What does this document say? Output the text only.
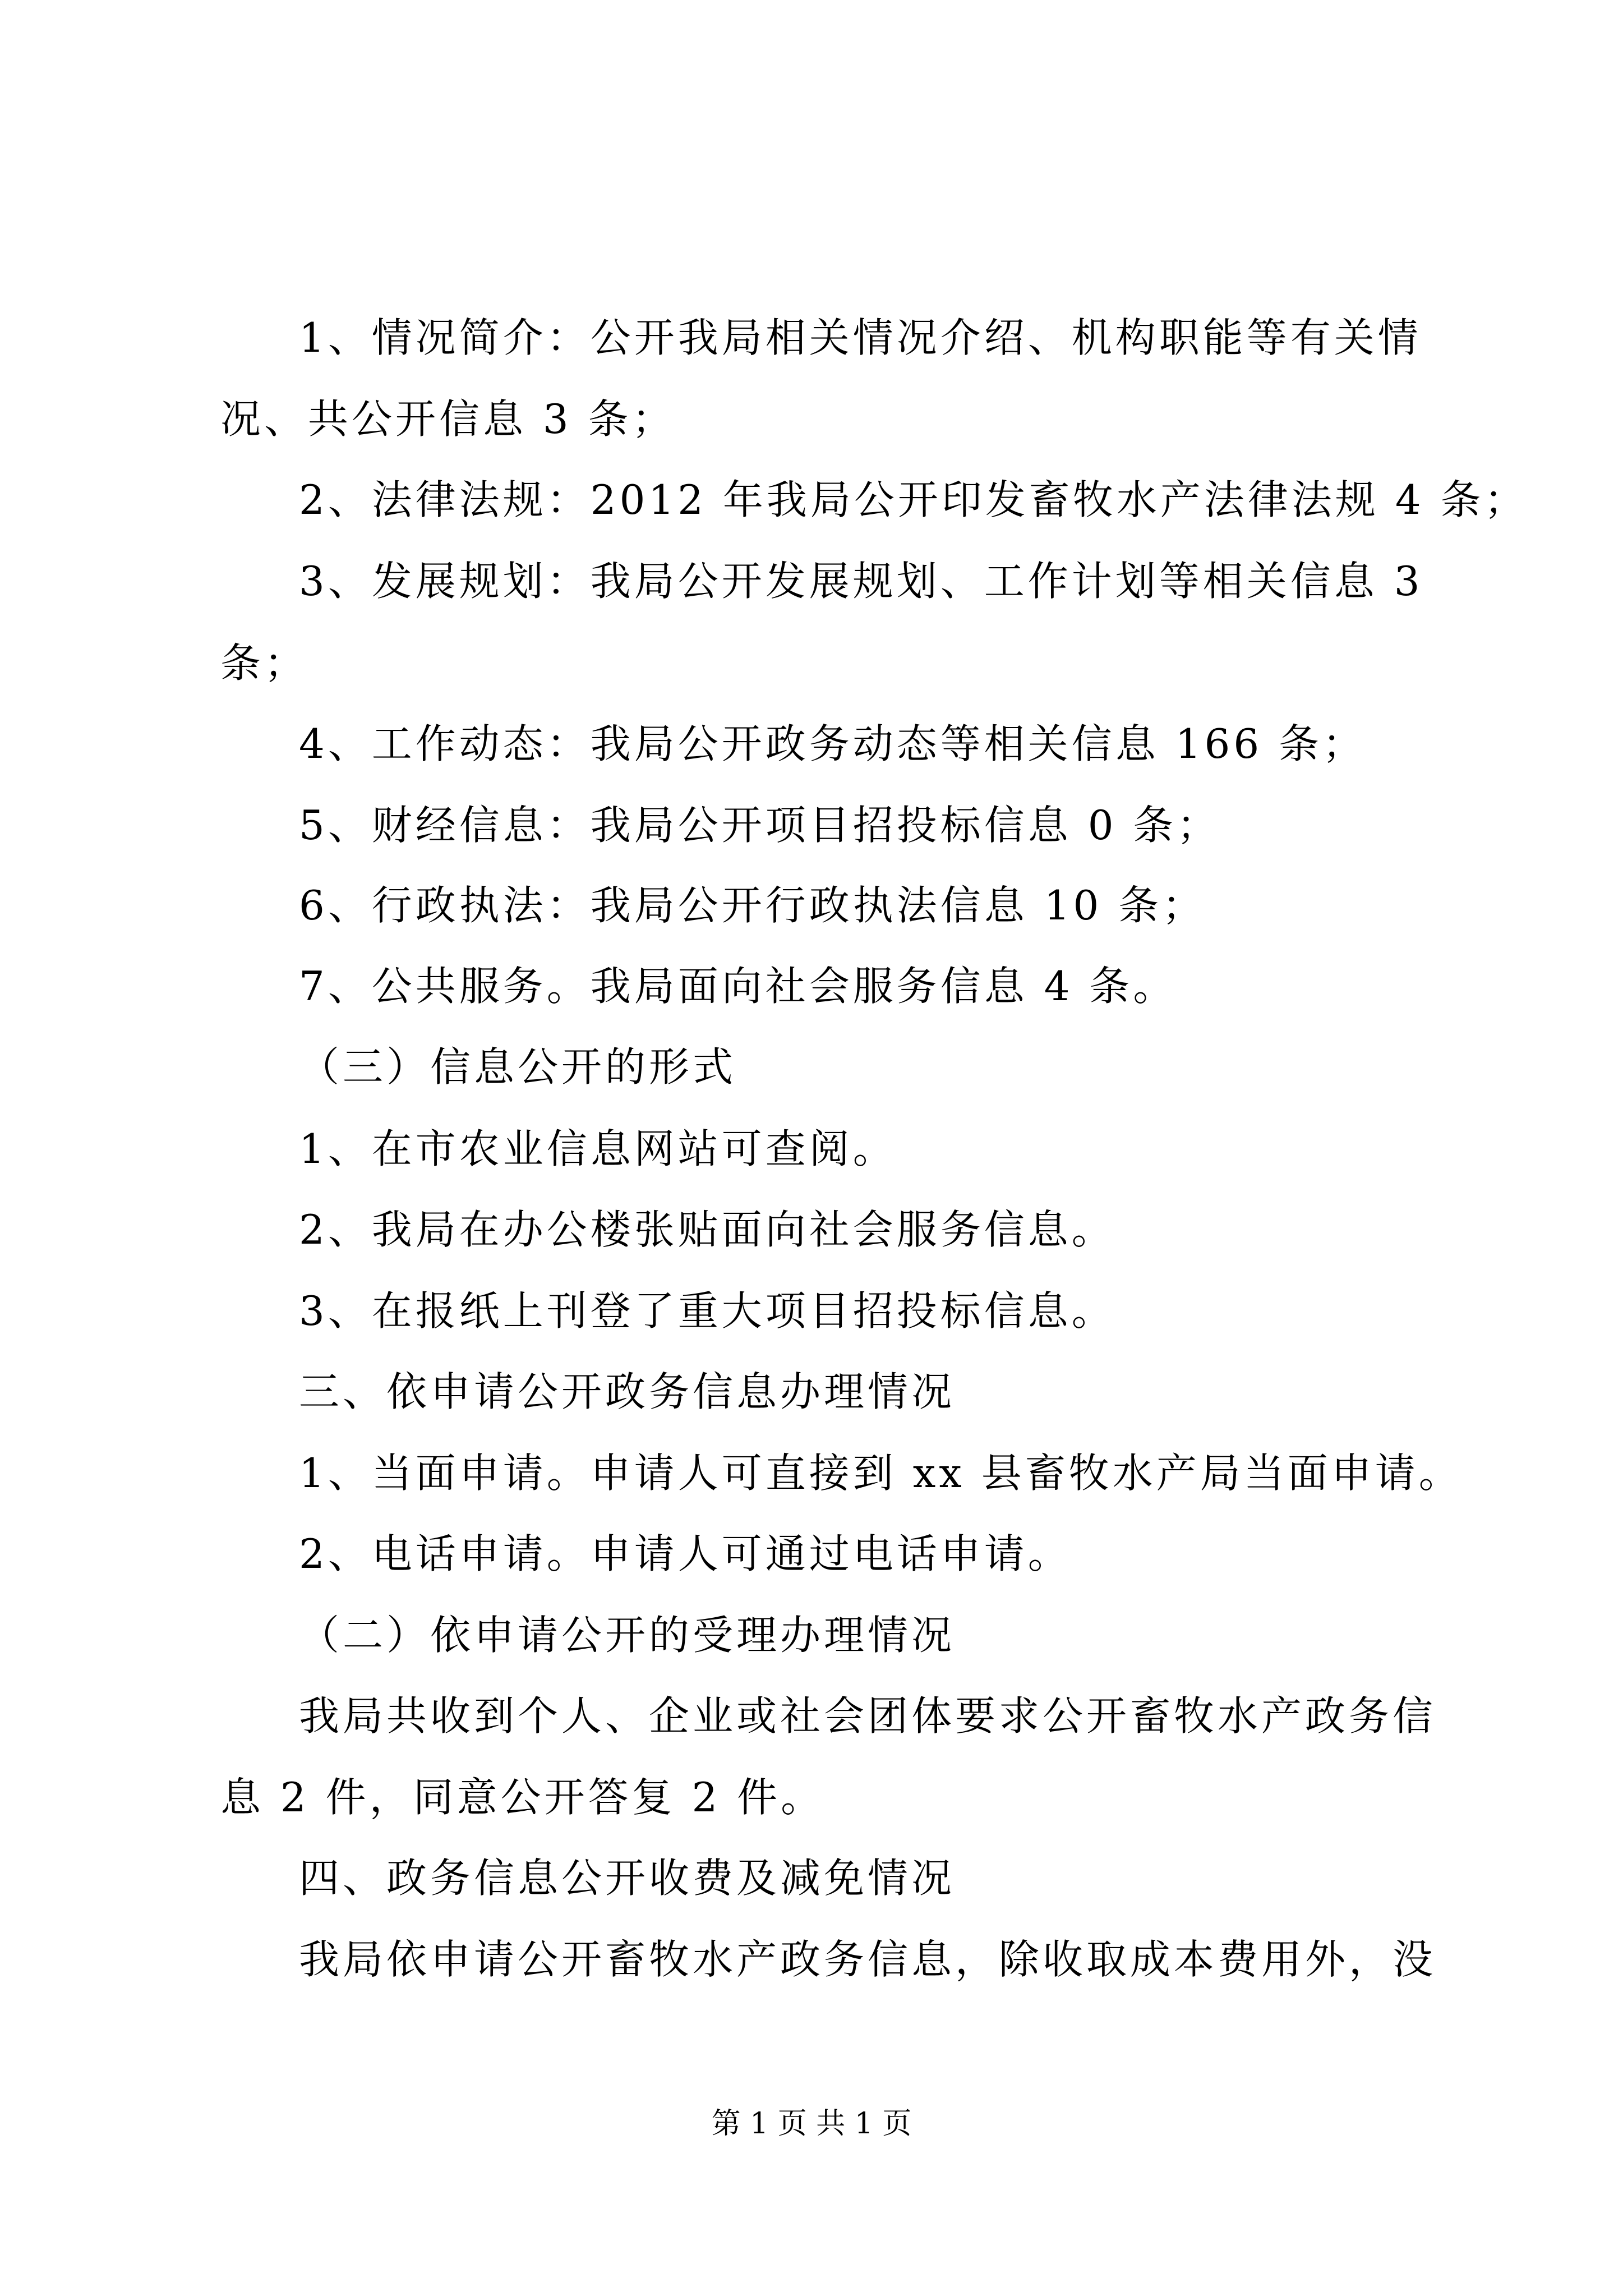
1、情况简介：公开我局相关情况介绍、机构职能等有关情
况、共公开信息 3 条；
2、法律法规：2012 年我局公开印发畜牧水产法律法规 4 条；
3、发展规划：我局公开发展规划、工作计划等相关信息 3
条；
4、工作动态：我局公开政务动态等相关信息 166 条；
5、财经信息：我局公开项目招投标信息 0 条；
6、行政执法：我局公开行政执法信息 10 条；
7、公共服务。我局面向社会服务信息 4 条。
（三）信息公开的形式
1、在市农业信息网站可查阅。
2、我局在办公楼张贴面向社会服务信息。
3、在报纸上刊登了重大项目招投标信息。
三、依申请公开政务信息办理情况
1、当面申请。申请人可直接到 xx 县畜牧水产局当面申请。
2、电话申请。申请人可通过电话申请。
（二）依申请公开的受理办理情况
我局共收到个人、企业或社会团体要求公开畜牧水产政务信
息 2 件，同意公开答复 2 件。
四、政务信息公开收费及减免情况
我局依申请公开畜牧水产政务信息，除收取成本费用外，没
第 1 页 共 1 页
